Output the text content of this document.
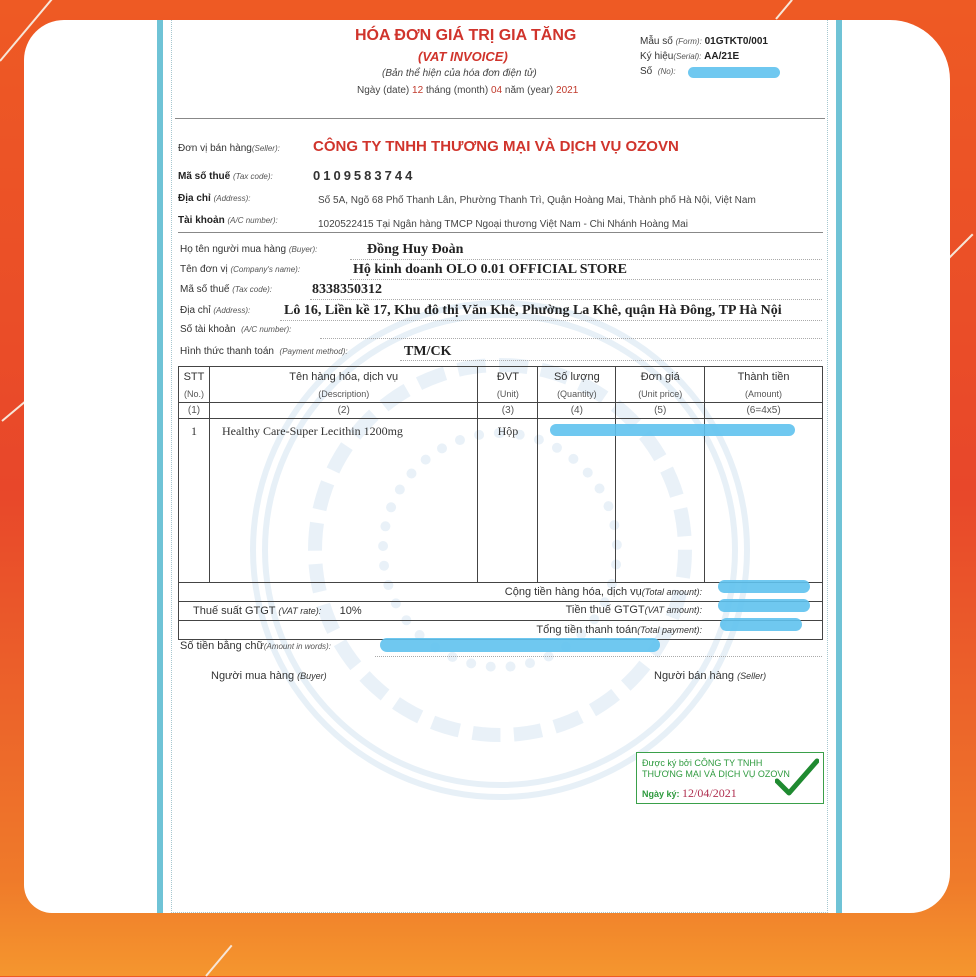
HÓA ĐƠN GIÁ TRỊ GIA TĂNG
(VAT INVOICE)
(Bản thể hiện của hóa đơn điện tử)
Ngày (date) 12 tháng (month) 04 năm (year) 2021
Mẫu số (Form): 01GTKT0/001
Ký hiệu(Serial): AA/21E
Số (No):
Đơn vị bán hàng(Seller): CÔNG TY TNHH THƯƠNG MẠI VÀ DỊCH VỤ OZOVN
Mã số thuế (Tax code):	0109583744
Địa chỉ (Address):	Số 5A, Ngõ 68 Phố Thanh Lân, Phường Thanh Trì, Quận Hoàng Mai, Thành phố Hà Nội, Việt Nam
Tài khoản (A/C number):	1020522415 Tại Ngân hàng TMCP Ngoại thương Việt Nam - Chi Nhánh Hoàng Mai
Họ tên người mua hàng (Buyer):	Đồng Huy Đoàn
Tên đơn vị (Company's name):	Hộ kinh doanh OLO 0.01 OFFICIAL STORE
Mã số thuế (Tax code):	8338350312
Địa chỉ (Address): Lô 16, Liền kề 17, Khu đô thị Văn Khê, Phường La Khê, quận Hà Đông, TP Hà Nội
Số tài khoản (A/C number):
Hình thức thanh toán (Payment method):	TM/CK
STT	Tên hàng hóa, dịch vụ	ĐVT	Số lượng	Đơn giá	Thành tiền
(No.)	(Description)	(Unit)	(Quantity)	(Unit price)	(Amount)
(1)	(2)	(3)	(4)	(5)	(6=4x5)
1	Healthy Care-Super Lecithin 1200mg	Hộp			
Cộng tiền hàng hóa, dịch vụ(Total amount):					
Thuế suất GTGT (VAT rate): 10% Tiền thuế GTGT(VAT amount):					

Tổng tiền thanh toán(Total payment):					
Số tiền bằng chữ(Amount in words):
Người mua hàng (Buyer)	Người bán hàng (Seller)
Được ký bởi CÔNG TY TNHH
THƯƠNG MẠI VÀ DỊCH VỤ OZOVN
Ngày ký: 12/04/2021
